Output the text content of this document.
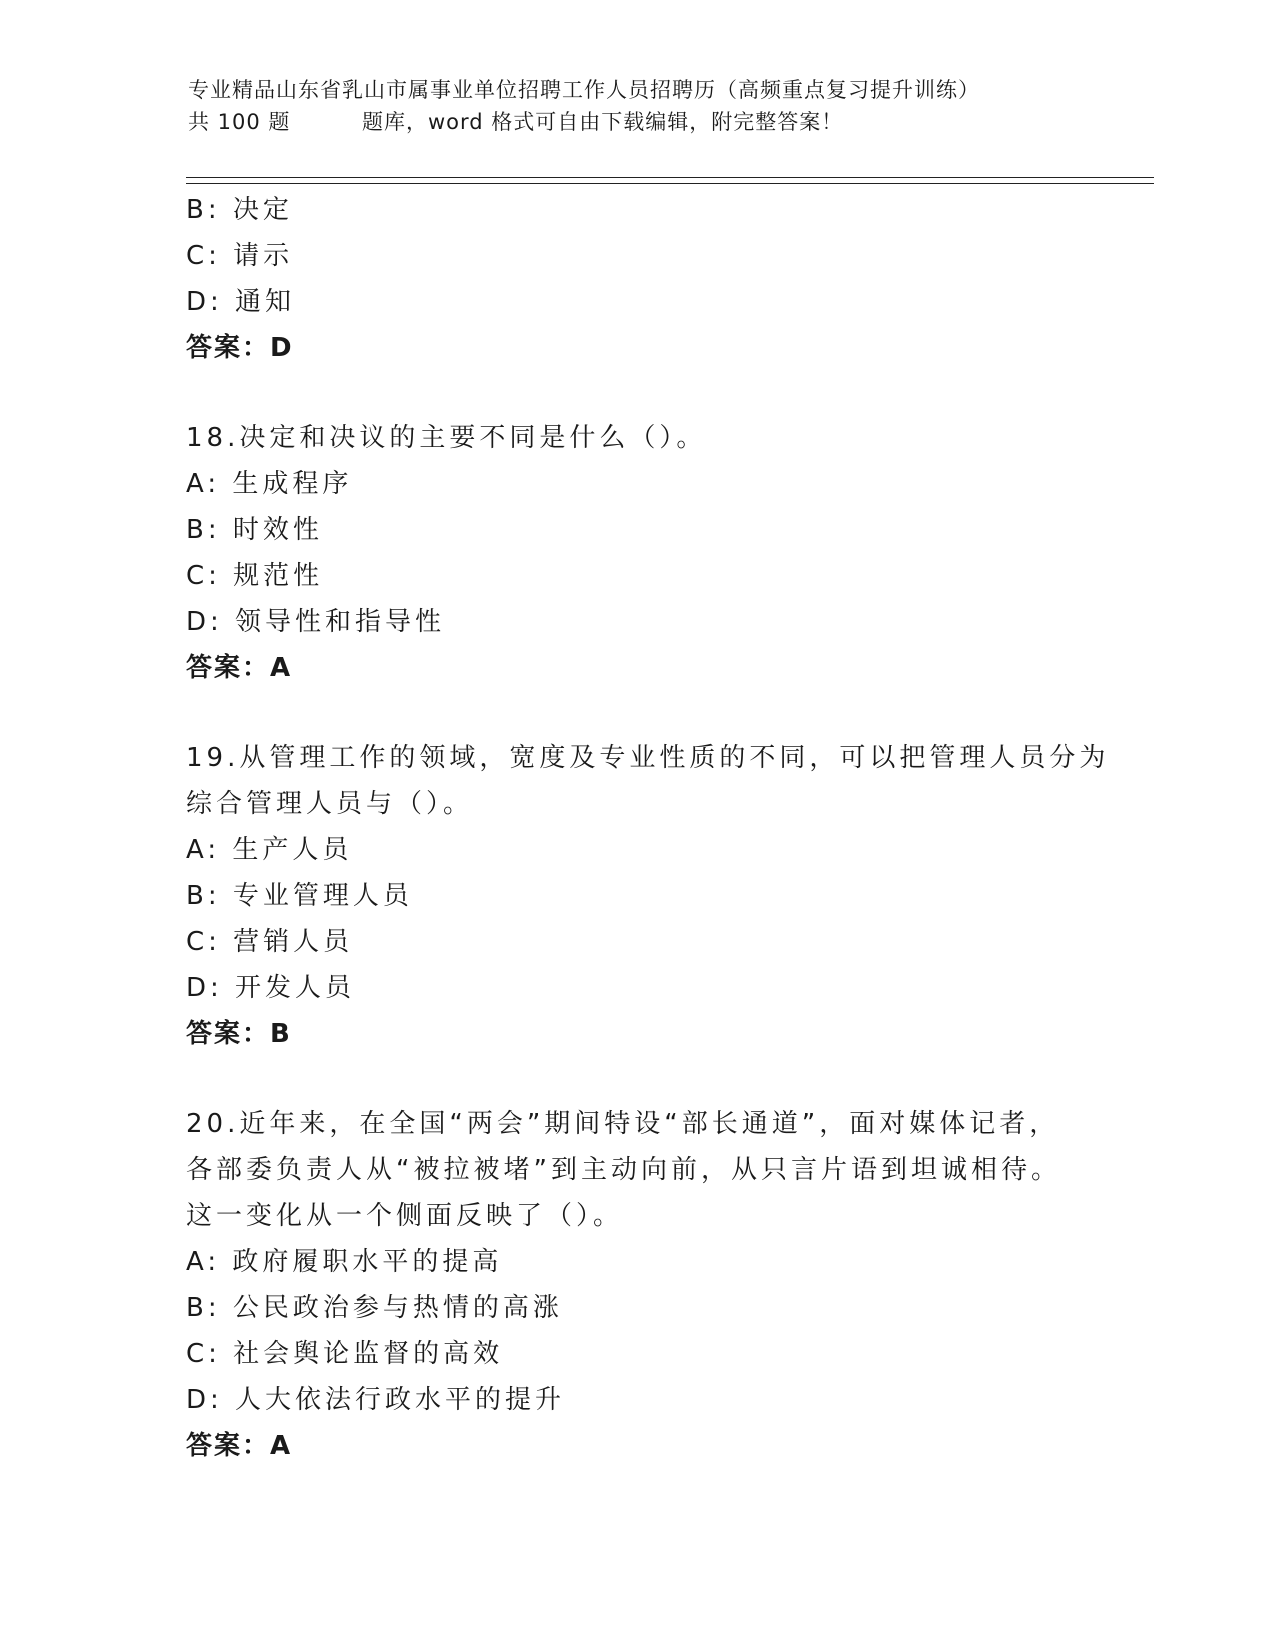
专业精品山东省乳山市属事业单位招聘工作人员招聘历（高频重点复习提升训练）
共 100 题	题库，word 格式可自由下载编辑，附完整答案！
B: 决定
C: 请示
D: 通知
答案：D
18.决定和决议的主要不同是什么（）。
A: 生成程序
B: 时效性
C: 规范性
D: 领导性和指导性
答案：A
19.从管理工作的领域，宽度及专业性质的不同，可以把管理人员分为
综合管理人员与（）。
A: 生产人员
B: 专业管理人员
C: 营销人员
D: 开发人员
答案：B
20.近年来，在全国“两会”期间特设“部长通道”，面对媒体记者，
各部委负责人从“被拉被堵”到主动向前，从只言片语到坦诚相待。
这一变化从一个侧面反映了（）。
A: 政府履职水平的提高
B: 公民政治参与热情的高涨
C: 社会舆论监督的高效
D: 人大依法行政水平的提升
答案：A
